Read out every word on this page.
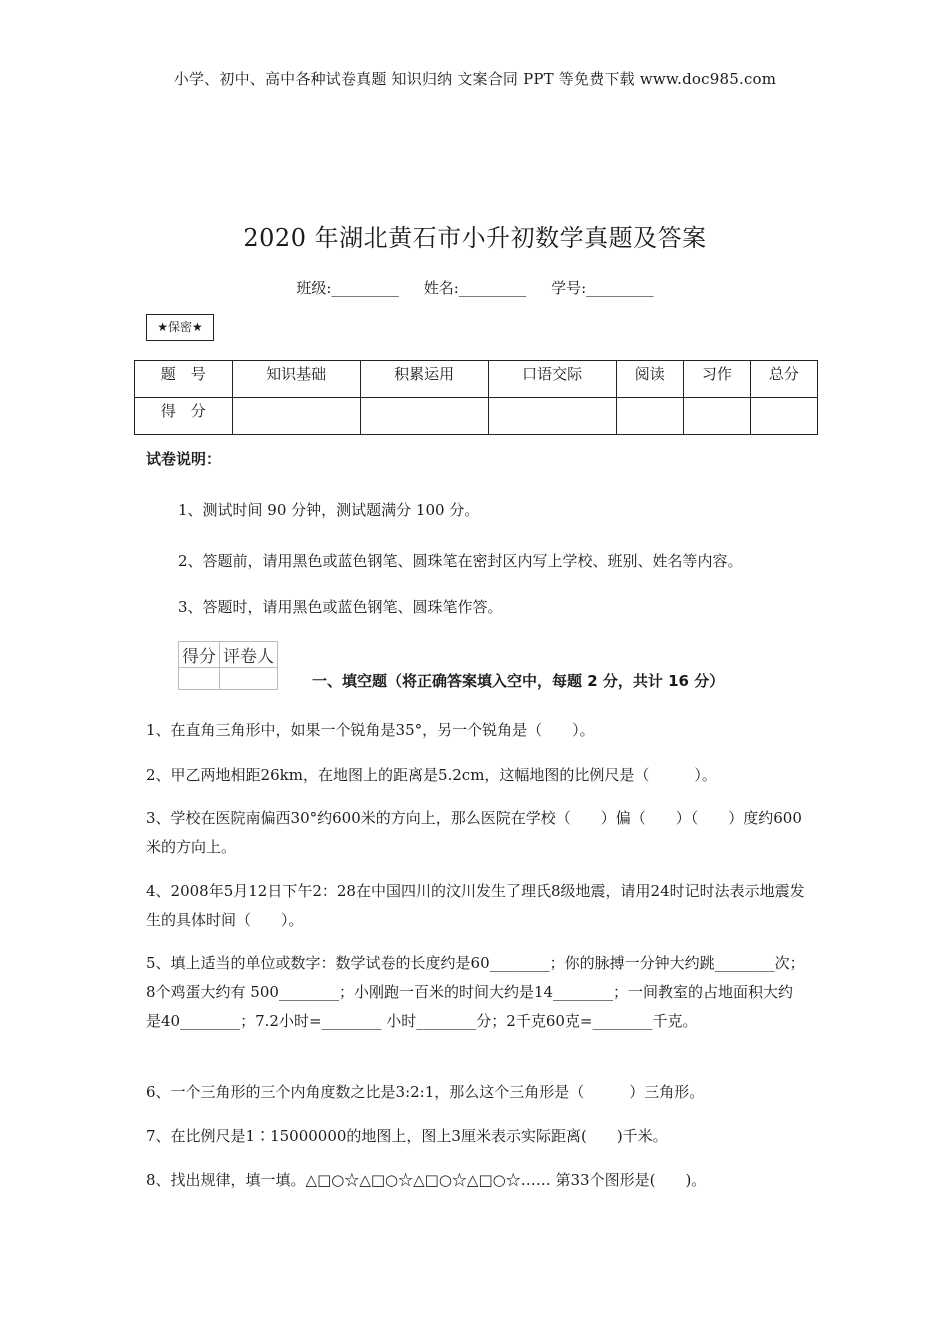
小学、初中、高中各种试卷真题 知识归纳 文案合同 PPT 等免费下载 www.doc985.com
2020 年湖北黄石市小升初数学真题及答案
班级:_________ 姓名:_________ 学号:_________
★保密★
题　号	知识基础	积累运用	口语交际	阅读	习作	总分
得　分						
试卷说明：
1、测试时间 90 分钟，测试题满分 100 分。
2、答题前，请用黑色或蓝色钢笔、圆珠笔在密封区内写上学校、班别、姓名等内容。
3、答题时，请用黑色或蓝色钢笔、圆珠笔作答。
得分	评卷人

一、填空题（将正确答案填入空中，每题 2 分，共计 16 分）
1、在直角三角形中，如果一个锐角是35°，另一个锐角是（　　）。
2、甲乙两地相距26km，在地图上的距离是5.2cm，这幅地图的比例尺是（　　　）。
3、学校在医院南偏西30°约600米的方向上，那么医院在学校（　　）偏（　　）（　　）度约600米的方向上。
4、2008年5月12日下午2：28在中国四川的汶川发生了理氏8级地震，请用24时记时法表示地震发生的具体时间（　　）。
5、填上适当的单位或数字：数学试卷的长度约是60________；你的脉搏一分钟大约跳________次；8个鸡蛋大约有 500________；小刚跑一百米的时间大约是14________；一间教室的占地面积大约是40________；7.2小时=________ 小时________分；2千克60克=________千克。
6、一个三角形的三个内角度数之比是3:2:1，那么这个三角形是（　　　）三角形。
7、在比例尺是1∶15000000的地图上，图上3厘米表示实际距离(　　)千米。
8、找出规律，填一填。△□○☆△□○☆△□○☆△□○☆…… 第33个图形是(　　)。
